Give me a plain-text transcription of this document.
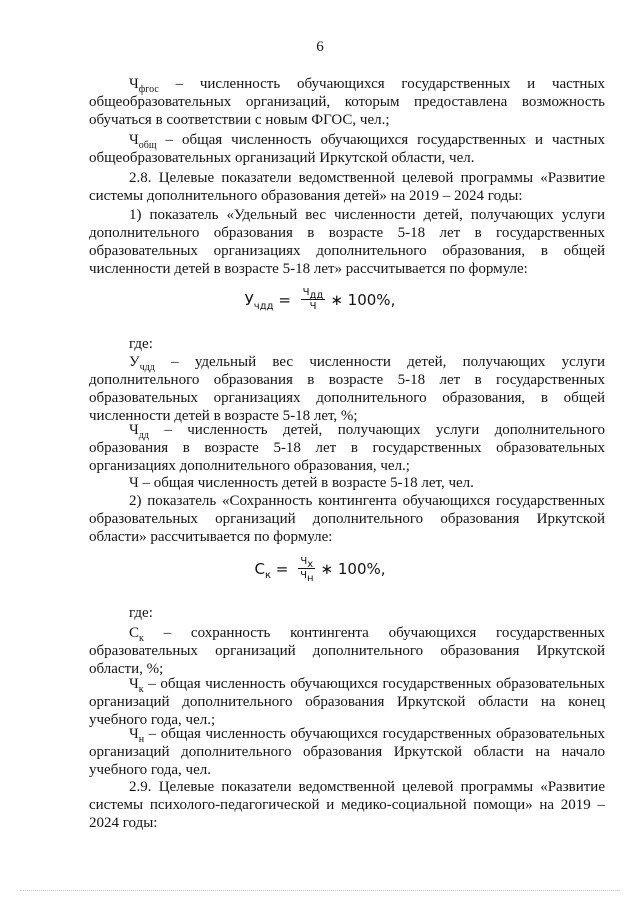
6
$Ч_{фгос}$ – численность обучающихся государственных и частных
общеобразовательных организаций, которым предоставлена возможность
обучаться в соответствии с новым ФГОС, чел.;
$Ч_{общ}$ – общая численность обучающихся государственных и частных
общеобразовательных организаций Иркутской области, чел.
2.8. Целевые показатели ведомственной целевой программы «Развитие
системы дополнительного образования детей» на 2019 – 2024 годы:
1) показатель «Удельный вес численности детей, получающих услуги
дополнительного образования в возрасте 5-18 лет в государственных
образовательных организациях дополнительного образования, в общей
численности детей в возрасте 5-18 лет» рассчитывается по формуле:
$У_{чдд} = \frac{Ч_{дд}}{Ч}$ ∗ 100%,
где:
$У_{чдд}$ – удельный вес численности детей, получающих услуги
дополнительного образования в возрасте 5-18 лет в государственных
образовательных организациях дополнительного образования, в общей
численности детей в возрасте 5-18 лет, %;
$Ч_{дд}$ – численность детей, получающих услуги дополнительного
образования в возрасте 5-18 лет в государственных образовательных
организациях дополнительного образования, чел.;
Ч – общая численность детей в возрасте 5-18 лет, чел.
2) показатель «Сохранность контингента обучающихся государственных
образовательных организаций дополнительного образования Иркутской
области» рассчитывается по формуле:
$С_к = \frac{Ч_х}{Ч_н}$ ∗ 100%,
где:
$С_к$ – сохранность контингента обучающихся государственных
образовательных организаций дополнительного образования Иркутской
области, %;
$Ч_к$ – общая численность обучающихся государственных образовательных
организаций дополнительного образования Иркутской области на конец
учебного года, чел.;
$Ч_н$ – общая численность обучающихся государственных образовательных
организаций дополнительного образования Иркутской области на начало
учебного года, чел.
2.9. Целевые показатели ведомственной целевой программы «Развитие
системы психолого-педагогической и медико-социальной помощи» на 2019 –
2024 годы:
